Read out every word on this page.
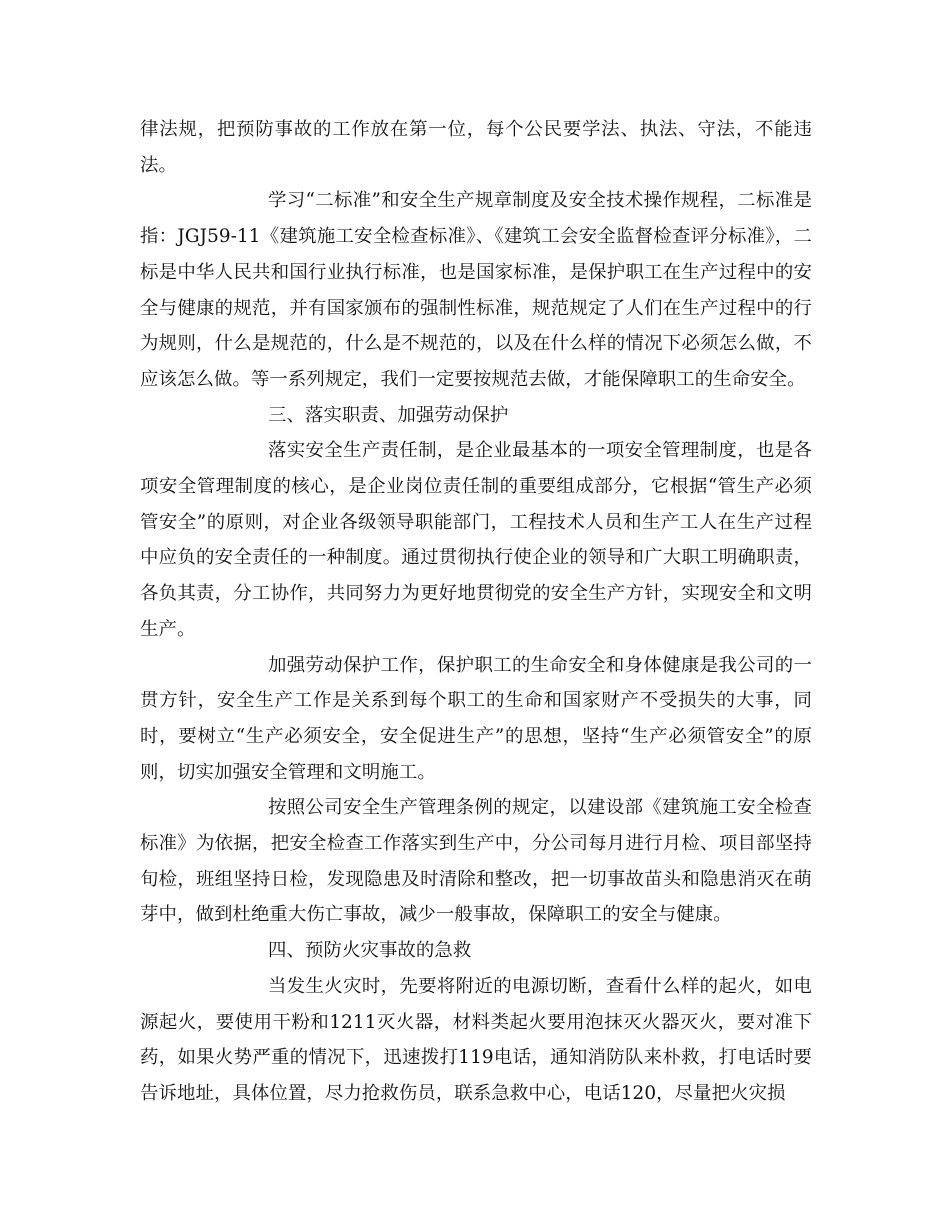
律法规，把预防事故的工作放在第一位，每个公民要学法、执法、守法，不能违法。

学习“二标准”和安全生产规章制度及安全技术操作规程，二标准是指：JGJ59-11《建筑施工安全检查标准》、《建筑工会安全监督检查评分标准》，二标是中华人民共和国行业执行标准，也是国家标准，是保护职工在生产过程中的安全与健康的规范，并有国家颁布的强制性标准，规范规定了人们在生产过程中的行为规则，什么是规范的，什么是不规范的，以及在什么样的情况下必须怎么做，不应该怎么做。等一系列规定，我们一定要按规范去做，才能保障职工的生命安全。

三、落实职责、加强劳动保护

落实安全生产责任制，是企业最基本的一项安全管理制度，也是各项安全管理制度的核心，是企业岗位责任制的重要组成部分，它根据“管生产必须管安全”的原则，对企业各级领导职能部门，工程技术人员和生产工人在生产过程中应负的安全责任的一种制度。通过贯彻执行使企业的领导和广大职工明确职责，各负其责，分工协作，共同努力为更好地贯彻党的安全生产方针，实现安全和文明生产。

加强劳动保护工作，保护职工的生命安全和身体健康是我公司的一贯方针，安全生产工作是关系到每个职工的生命和国家财产不受损失的大事，同时，要树立“生产必须安全，安全促进生产”的思想，坚持“生产必须管安全”的原则，切实加强安全管理和文明施工。

按照公司安全生产管理条例的规定，以建设部《建筑施工安全检查标准》为依据，把安全检查工作落实到生产中，分公司每月进行月检、项目部坚持旬检，班组坚持日检，发现隐患及时清除和整改，把一切事故苗头和隐患消灭在萌芽中，做到杜绝重大伤亡事故，减少一般事故，保障职工的安全与健康。

四、预防火灾事故的急救

当发生火灾时，先要将附近的电源切断，查看什么样的起火，如电源起火，要使用干粉和1211灭火器，材料类起火要用泡抹灭火器灭火，要对准下药，如果火势严重的情况下，迅速拨打119电话，通知消防队来朴救，打电话时要告诉地址，具体位置，尽力抢救伤员，联系急救中心，电话120，尽量把火灾损
